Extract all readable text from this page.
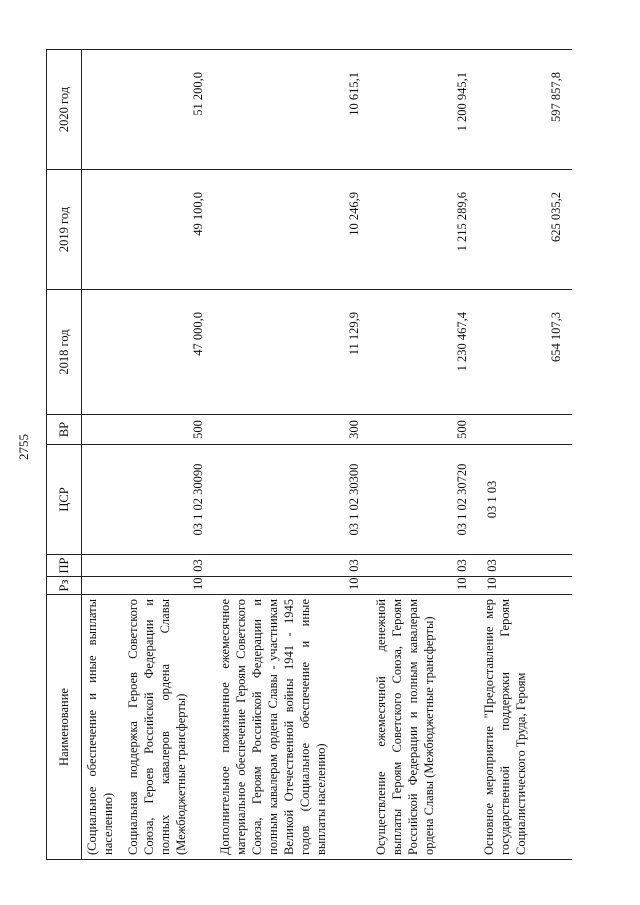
2755
Наименование	Рз	ПР	ЦСР	ВР	2018 год	2019 год	2020 год

(Социальное обеспечение и иные выплаты населению)							

Социальная поддержка Героев Советского Союза, Героев Российской Федерации и полных кавалеров ордена Славы (Межбюджетные трансферты)	10	03	03 1 02 30090	500	47 000,0	49 100,0	51 200,0

Дополнительное пожизненное ежемесячное материальное обеспечение Героям Советского Союза, Героям Российской Федерации и полным кавалерам ордена Славы - участникам Великой Отечественной войны 1941 - 1945 годов (Социальное обеспечение и иные выплаты населению)	10	03	03 1 02 30300	300	11 129,9	10 246,9	10 615,1

Осуществление ежемесячной денежной выплаты Героям Советского Союза, Героям Российской Федерации и полным кавалерам ордена Славы (Межбюджетные трансферты)	10	03	03 1 02 30720	500	1 230 467,4	1 215 289,6	1 200 945,1

Основное мероприятие "Предоставление мер государственной поддержки Героям Социалистического Труда, Героям	10	03	03 1 03		654 107,3	625 035,2	597 857,8
